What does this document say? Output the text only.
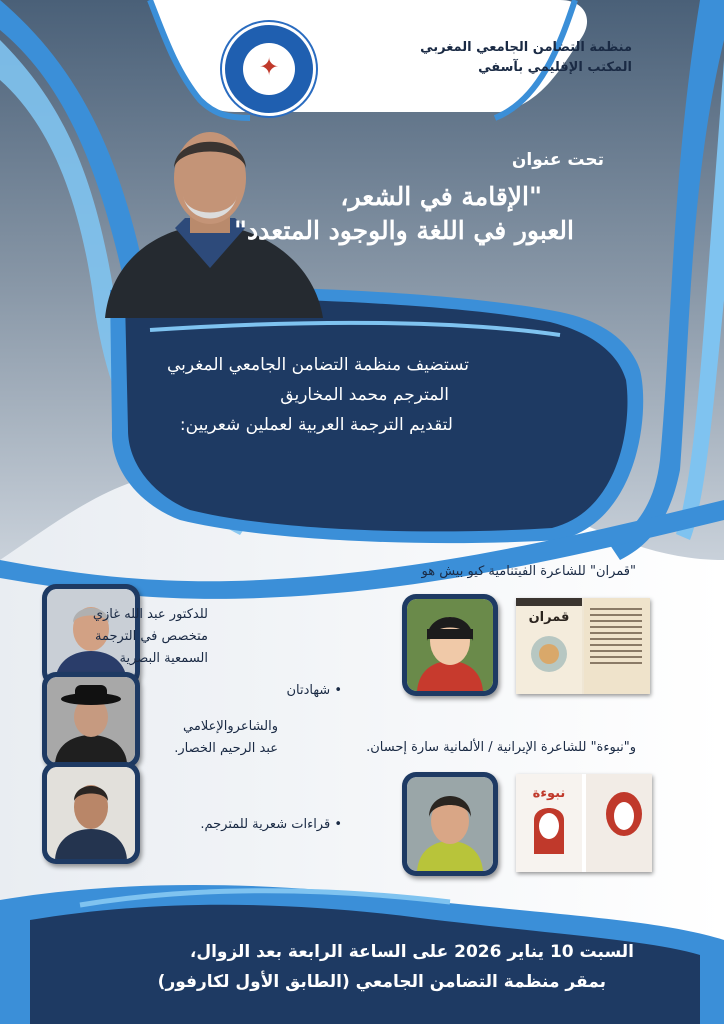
✦
منظمة التضامن الجامعي المغربي
المكتب الإقليمي بآسفي
تحت عنوان
"الإقامة في الشعر،
العبور في اللغة والوجود المتعدد"
تستضيف منظمة التضامن الجامعي المغربي
المترجم محمد المخاريق
لتقديم الترجمة العربية لعملين شعريين:
"قمران" للشاعرة الفيتنامية كيو بيش هو
قمران
و"نبوءة" للشاعرة الإيرانية / الألمانية سارة إحسان.
نبوءة
للدكتور عبد الله غازي
متخصص في الترجمة
السمعية البصرية
• شهادتان
والشاعروالإعلامي
عبد الرحيم الخصار.
• قراءات شعرية للمترجم.
السبت 10 يناير 2026 على الساعة الرابعة بعد الزوال،
بمقر منظمة التضامن الجامعي (الطابق الأول لكارفور)
